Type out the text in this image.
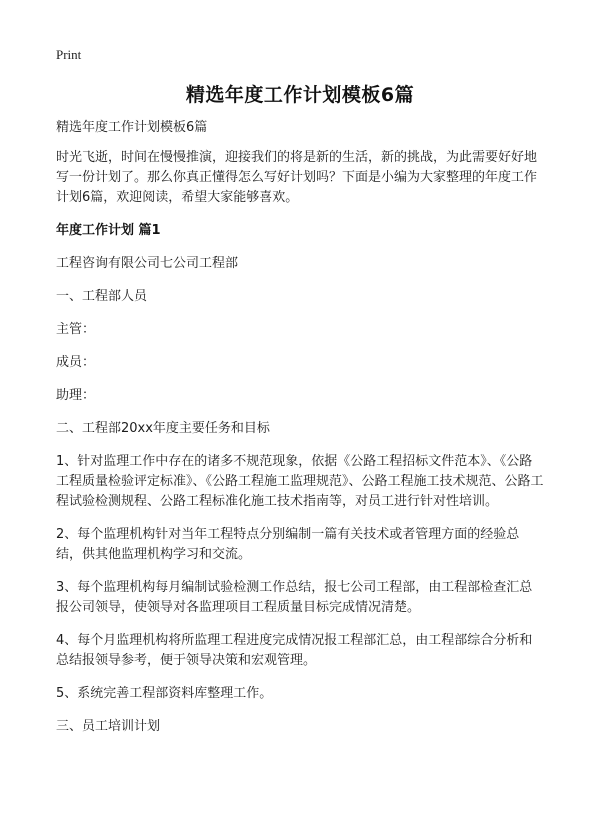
Print
精选年度工作计划模板6篇

精选年度工作计划模板6篇

时光飞逝，时间在慢慢推演，迎接我们的将是新的生活，新的挑战，为此需要好好地写一份计划了。那么你真正懂得怎么写好计划吗？下面是小编为大家整理的年度工作计划6篇，欢迎阅读，希望大家能够喜欢。

年度工作计划 篇1

工程咨询有限公司七公司工程部

一、工程部人员

主管：

成员：

助理：

二、工程部20xx年度主要任务和目标

1、针对监理工作中存在的诸多不规范现象，依据《公路工程招标文件范本》、《公路工程质量检验评定标准》、《公路工程施工监理规范》、公路工程施工技术规范、公路工程试验检测规程、公路工程标准化施工技术指南等，对员工进行针对性培训。

2、每个监理机构针对当年工程特点分别编制一篇有关技术或者管理方面的经验总结，供其他监理机构学习和交流。

3、每个监理机构每月编制试验检测工作总结，报七公司工程部，由工程部检查汇总报公司领导，使领导对各监理项目工程质量目标完成情况清楚。

4、每个月监理机构将所监理工程进度完成情况报工程部汇总，由工程部综合分析和总结报领导参考，便于领导决策和宏观管理。

5、系统完善工程部资料库整理工作。

三、员工培训计划
